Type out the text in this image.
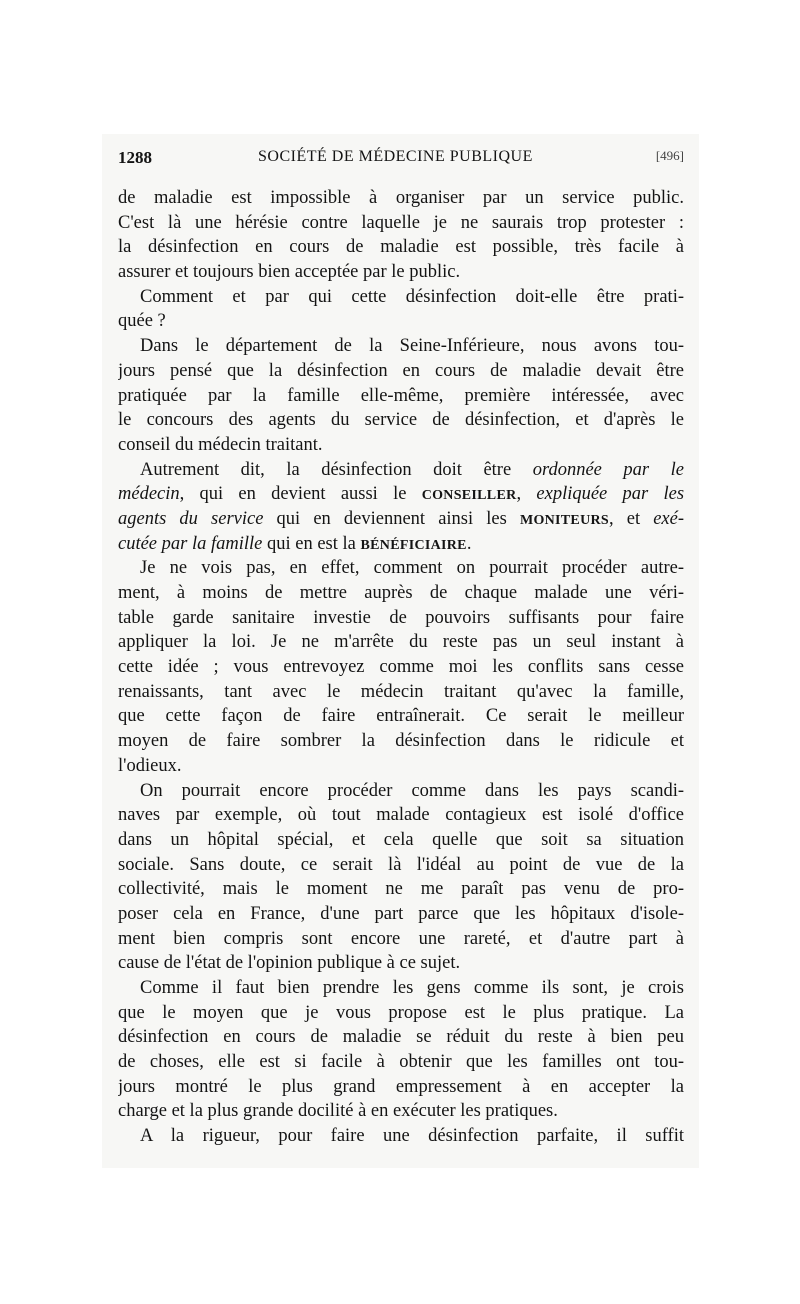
1288	SOCIÉTÉ DE MÉDECINE PUBLIQUE	[496]
de maladie est impossible à organiser par un service public.
C'est là une hérésie contre laquelle je ne saurais trop protester :
la désinfection en cours de maladie est possible, très facile à
assurer et toujours bien acceptée par le public.
Comment et par qui cette désinfection doit-elle être prati-
quée ?
Dans le département de la Seine-Inférieure, nous avons tou-
jours pensé que la désinfection en cours de maladie devait être
pratiquée par la famille elle-même, première intéressée, avec
le concours des agents du service de désinfection, et d'après le
conseil du médecin traitant.
Autrement dit, la désinfection doit être ordonnée par le
médecin, qui en devient aussi le CONSEILLER, expliquée par les
agents du service qui en deviennent ainsi les MONITEURS, et exé-
cutée par la famille qui en est la BÉNÉFICIAIRE.
Je ne vois pas, en effet, comment on pourrait procéder autre-
ment, à moins de mettre auprès de chaque malade une véri-
table garde sanitaire investie de pouvoirs suffisants pour faire
appliquer la loi. Je ne m'arrête du reste pas un seul instant à
cette idée ; vous entrevoyez comme moi les conflits sans cesse
renaissants, tant avec le médecin traitant qu'avec la famille,
que cette façon de faire entraînerait. Ce serait le meilleur
moyen de faire sombrer la désinfection dans le ridicule et
l'odieux.
On pourrait encore procéder comme dans les pays scandi-
naves par exemple, où tout malade contagieux est isolé d'office
dans un hôpital spécial, et cela quelle que soit sa situation
sociale. Sans doute, ce serait là l'idéal au point de vue de la
collectivité, mais le moment ne me paraît pas venu de pro-
poser cela en France, d'une part parce que les hôpitaux d'isole-
ment bien compris sont encore une rareté, et d'autre part à
cause de l'état de l'opinion publique à ce sujet.
Comme il faut bien prendre les gens comme ils sont, je crois
que le moyen que je vous propose est le plus pratique. La
désinfection en cours de maladie se réduit du reste à bien peu
de choses, elle est si facile à obtenir que les familles ont tou-
jours montré le plus grand empressement à en accepter la
charge et la plus grande docilité à en exécuter les pratiques.
A la rigueur, pour faire une désinfection parfaite, il suffit
